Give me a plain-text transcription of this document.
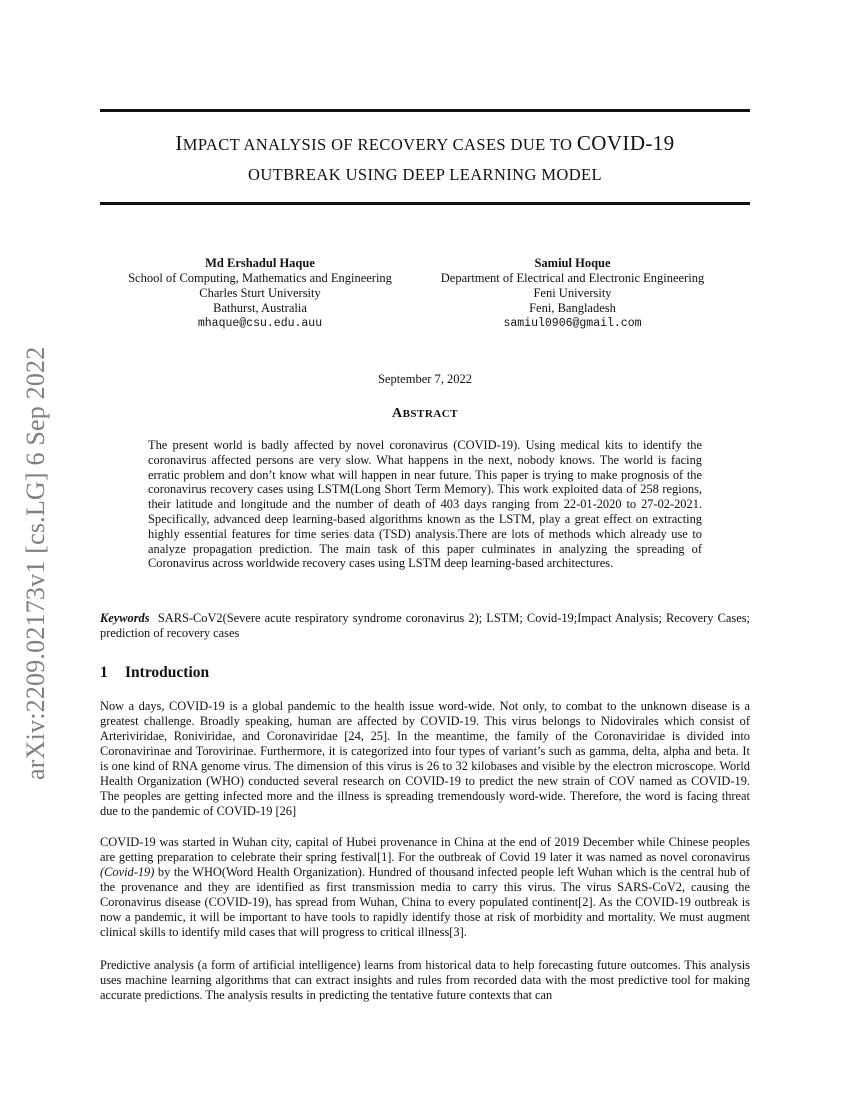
arXiv:2209.02173v1 [cs.LG] 6 Sep 2022
IMPACT ANALYSIS OF RECOVERY CASES DUE TO COVID-19
OUTBREAK USING DEEP LEARNING MODEL
Md Ershadul Haque
School of Computing, Mathematics and Engineering
Charles Sturt University
Bathurst, Australia
mhaque@csu.edu.auu
Samiul Hoque
Department of Electrical and Electronic Engineering
Feni University
Feni, Bangladesh
samiul0906@gmail.com
September 7, 2022
ABSTRACT
The present world is badly affected by novel coronavirus (COVID-19). Using medical kits to identify the coronavirus affected persons are very slow. What happens in the next, nobody knows. The world is facing erratic problem and don’t know what will happen in near future. This paper is trying to make prognosis of the coronavirus recovery cases using LSTM(Long Short Term Memory). This work exploited data of 258 regions, their latitude and longitude and the number of death of 403 days ranging from 22-01-2020 to 27-02-2021. Specifically, advanced deep learning-based algorithms known as the LSTM, play a great effect on extracting highly essential features for time series data (TSD) analysis.There are lots of methods which already use to analyze propagation prediction. The main task of this paper culminates in analyzing the spreading of Coronavirus across worldwide recovery cases using LSTM deep learning-based architectures.
Keywords SARS-CoV2(Severe acute respiratory syndrome coronavirus 2); LSTM; Covid-19;Impact Analysis; Recovery Cases; prediction of recovery cases
1 Introduction

Now a days, COVID-19 is a global pandemic to the health issue word-wide. Not only, to combat to the unknown disease is a greatest challenge. Broadly speaking, human are affected by COVID-19. This virus belongs to Nidovirales which consist of Arteriviridae, Roniviridae, and Coronaviridae [24, 25]. In the meantime, the family of the Coronaviridae is divided into Coronavirinae and Torovirinae. Furthermore, it is categorized into four types of variant’s such as gamma, delta, alpha and beta. It is one kind of RNA genome virus. The dimension of this virus is 26 to 32 kilobases and visible by the electron microscope. World Health Organization (WHO) conducted several research on COVID-19 to predict the new strain of COV named as COVID-19. The peoples are getting infected more and the illness is spreading tremendously word-wide. Therefore, the word is facing threat due to the pandemic of COVID-19 [26]

COVID-19 was started in Wuhan city, capital of Hubei provenance in China at the end of 2019 December while Chinese peoples are getting preparation to celebrate their spring festival[1]. For the outbreak of Covid 19 later it was named as novel coronavirus (Covid-19) by the WHO(Word Health Organization). Hundred of thousand infected people left Wuhan which is the central hub of the provenance and they are identified as first transmission media to carry this virus. The virus SARS-CoV2, causing the Coronavirus disease (COVID-19), has spread from Wuhan, China to every populated continent[2]. As the COVID-19 outbreak is now a pandemic, it will be important to have tools to rapidly identify those at risk of morbidity and mortality. We must augment clinical skills to identify mild cases that will progress to critical illness[3].

Predictive analysis (a form of artificial intelligence) learns from historical data to help forecasting future outcomes. This analysis uses machine learning algorithms that can extract insights and rules from recorded data with the most predictive tool for making accurate predictions. The analysis results in predicting the tentative future contexts that can
